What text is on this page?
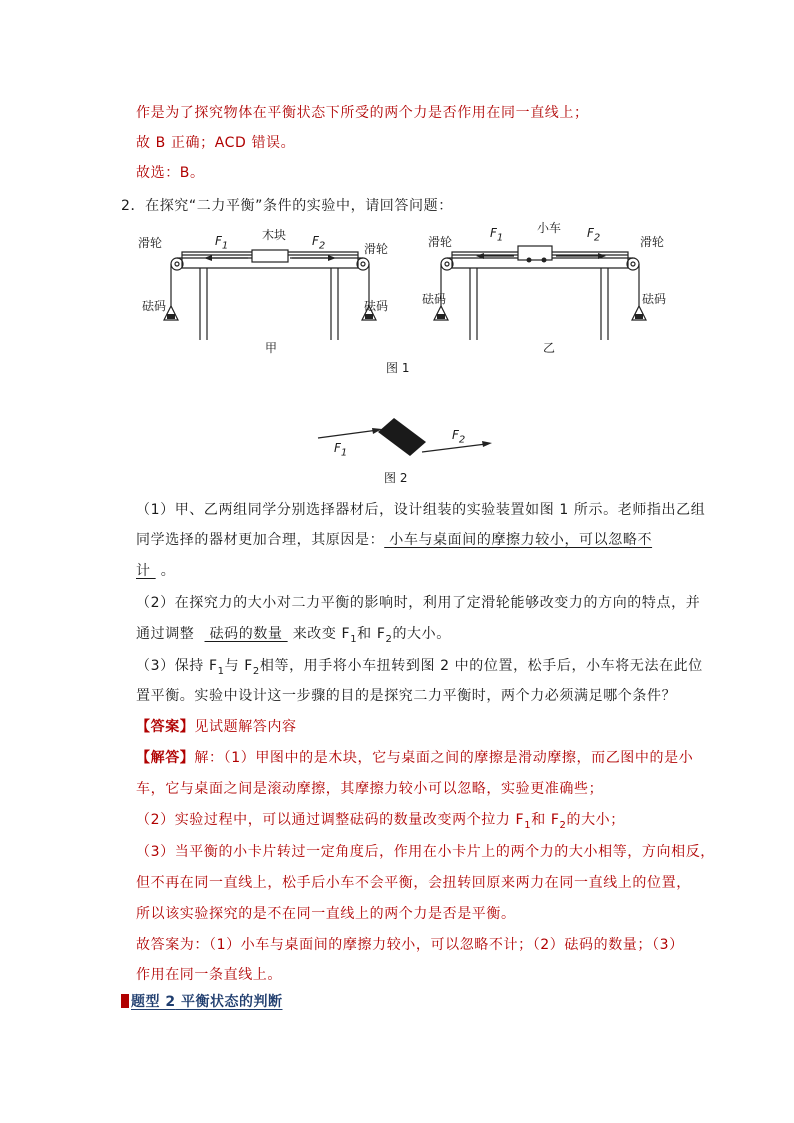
作是为了探究物体在平衡状态下所受的两个力是否作用在同一直线上；
故 B 正确；ACD 错误。
故选：B。
2．在探究“二力平衡”条件的实验中，请回答问题：
滑轮	滑轮
砝码	砝码
木块
$F_1$	$F_2$
甲
滑轮	滑轮
砝码	砝码
小车
$F_1$	$F_2$
乙
图 1
$F_1$
$F_2$
图 2
（1）甲、乙两组同学分别选择器材后，设计组装的实验装置如图 1 所示。老师指出乙组
同学选择的器材更加合理，其原因是： 小车与桌面间的摩擦力较小，可以忽略不
计  。
（2）在探究力的大小对二力平衡的影响时，利用了定滑轮能够改变力的方向的特点，并
通过调整   砝码的数量  来改变 $F_1$和 $F_2$的大小。
（3）保持 $F_1$与 $F_2$相等，用手将小车扭转到图 2 中的位置，松手后，小车将无法在此位
置平衡。实验中设计这一步骤的目的是探究二力平衡时，两个力必须满足哪个条件？
【答案】见试题解答内容
【解答】解：（1）甲图中的是木块，它与桌面之间的摩擦是滑动摩擦，而乙图中的是小
车，它与桌面之间是滚动摩擦，其摩擦力较小可以忽略，实验更准确些；
（2）实验过程中，可以通过调整砝码的数量改变两个拉力 $F_1$和 $F_2$的大小；
（3）当平衡的小卡片转过一定角度后，作用在小卡片上的两个力的大小相等，方向相反，
但不再在同一直线上，松手后小车不会平衡，会扭转回原来两力在同一直线上的位置，
所以该实验探究的是不在同一直线上的两个力是否是平衡。
故答案为：（1）小车与桌面间的摩擦力较小，可以忽略不计；（2）砝码的数量；（3）
作用在同一条直线上。
题型 2 平衡状态的判断
